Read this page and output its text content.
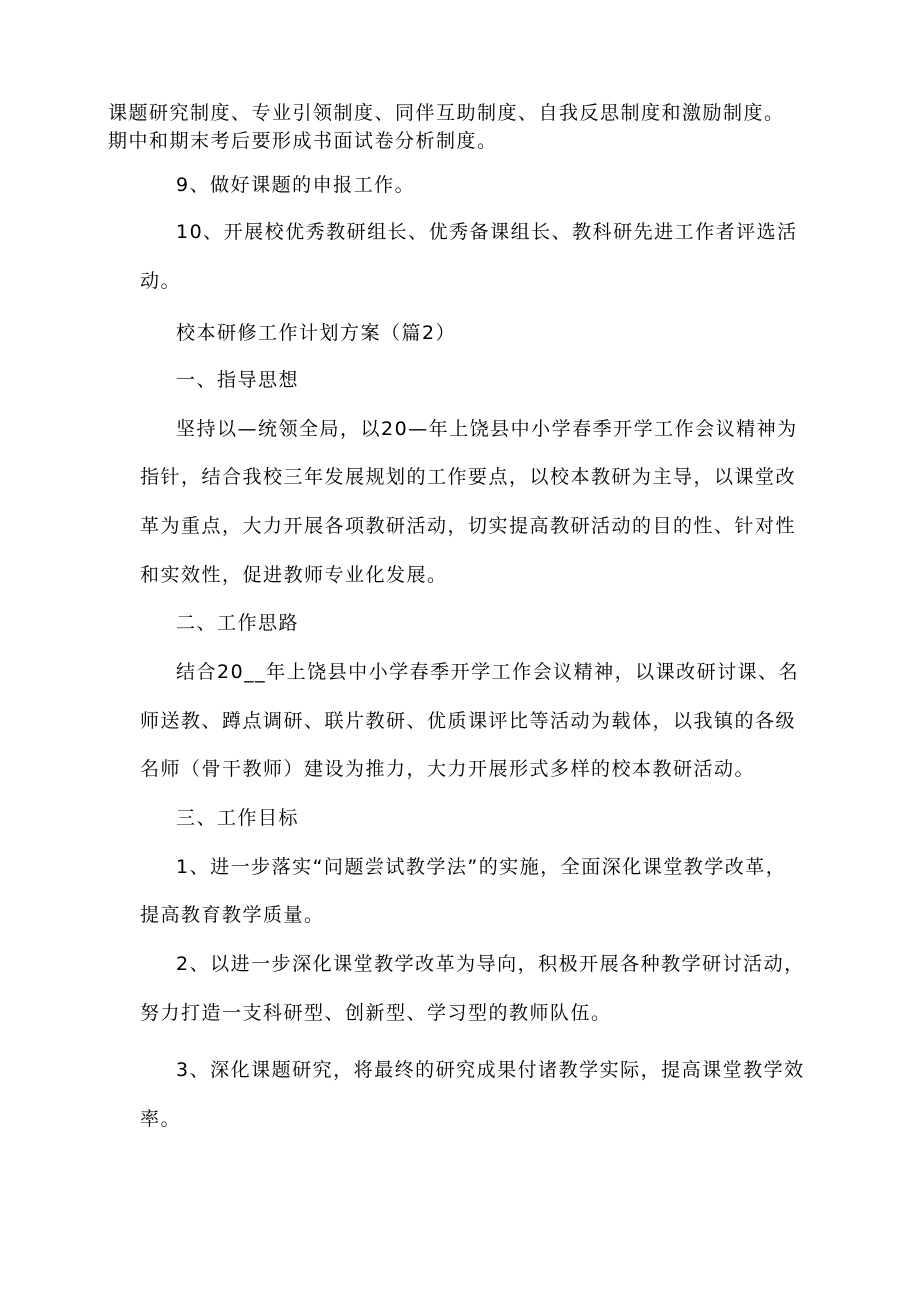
课题研究制度、专业引领制度、同伴互助制度、自我反思制度和激励制度。

期中和期末考后要形成书面试卷分析制度。

9、做好课题的申报工作。

10、开展校优秀教研组长、优秀备课组长、教科研先进工作者评选活

动。

校本研修工作计划方案（篇2）

一、指导思想

坚持以—统领全局，以20—年上饶县中小学春季开学工作会议精神为

指针，结合我校三年发展规划的工作要点，以校本教研为主导，以课堂改

革为重点，大力开展各项教研活动，切实提高教研活动的目的性、针对性

和实效性，促进教师专业化发展。

二、工作思路

结合20__年上饶县中小学春季开学工作会议精神，以课改研讨课、名

师送教、蹲点调研、联片教研、优质课评比等活动为载体，以我镇的各级

名师（骨干教师）建设为推力，大力开展形式多样的校本教研活动。

三、工作目标

1、进一步落实“问题尝试教学法”的实施，全面深化课堂教学改革，

提高教育教学质量。

2、以进一步深化课堂教学改革为导向，积极开展各种教学研讨活动，

努力打造一支科研型、创新型、学习型的教师队伍。

3、深化课题研究，将最终的研究成果付诸教学实际，提高课堂教学效

率。
